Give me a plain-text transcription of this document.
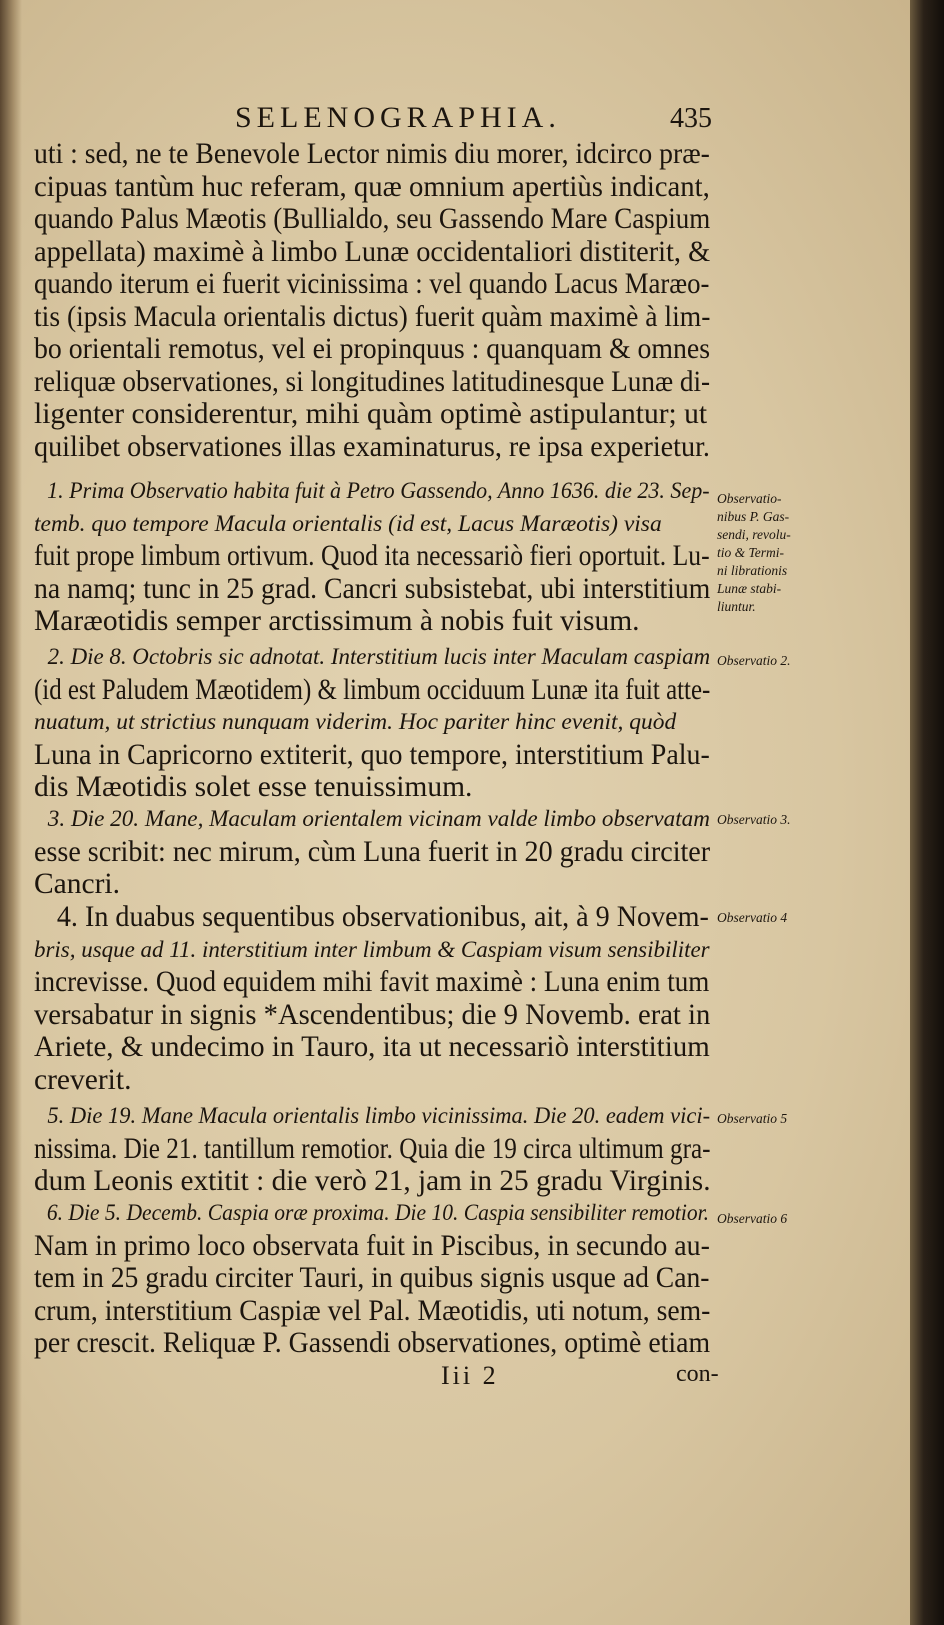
SELENOGRAPHIA.	435
uti : sed, ne te Benevole Lector nimis diu morer, idcirco præ-
cipuas tantùm huc referam, quæ omnium apertiùs indicant,
quando Palus Mæotis (Bullialdo, seu Gassendo Mare Caspium
appellata) maximè à limbo Lunæ occidentaliori distiterit, &
quando iterum ei fuerit vicinissima : vel quando Lacus Maræo-
tis (ipsis Macula orientalis dictus) fuerit quàm maximè à lim-
bo orientali remotus, vel ei propinquus : quanquam & omnes
reliquæ observationes, si longitudines latitudinesque Lunæ di-
ligenter considerentur, mihi quàm optimè astipulantur; ut
quilibet observationes illas examinaturus, re ipsa experietur.
1. Prima Observatio habita fuit à Petro Gassendo, Anno 1636. die 23. Sep-
temb. quo tempore Macula orientalis (id est, Lacus Maræotis) visa
fuit prope limbum ortivum. Quod ita necessariò fieri oportuit. Lu-
na namq; tunc in 25 grad. Cancri subsistebat, ubi interstitium
Maræotidis semper arctissimum à nobis fuit visum.
2. Die 8. Octobris sic adnotat. Interstitium lucis inter Maculam caspiam
(id est Paludem Mæotidem) & limbum occiduum Lunæ ita fuit atte-
nuatum, ut strictius nunquam viderim. Hoc pariter hinc evenit, quòd
Luna in Capricorno extiterit, quo tempore, interstitium Palu-
dis Mæotidis solet esse tenuissimum.
3. Die 20. Mane, Maculam orientalem vicinam valde limbo observatam
esse scribit: nec mirum, cùm Luna fuerit in 20 gradu circiter
Cancri.
4. In duabus sequentibus observationibus, ait, à 9 Novem-
bris, usque ad 11. interstitium inter limbum & Caspiam visum sensibiliter
increvisse. Quod equidem mihi favit maximè : Luna enim tum
versabatur in signis *Ascendentibus; die 9 Novemb. erat in
Ariete, & undecimo in Tauro, ita ut necessariò interstitium
creverit.
5. Die 19. Mane Macula orientalis limbo vicinissima. Die 20. eadem vici-
nissima. Die 21. tantillum remotior. Quia die 19 circa ultimum gra-
dum Leonis extitit : die verò 21, jam in 25 gradu Virginis.
6. Die 5. Decemb. Caspia oræ proxima. Die 10. Caspia sensibiliter remotior.
Nam in primo loco observata fuit in Piscibus, in secundo au-
tem in 25 gradu circiter Tauri, in quibus signis usque ad Can-
crum, interstitium Caspiæ vel Pal. Mæotidis, uti notum, sem-
per crescit. Reliquæ P. Gassendi observationes, optimè etiam
Observatio-
nibus P. Gas-
sendi, revolu-
tio & Termi-
ni librationis
Lunæ stabi-
liuntur.
Observatio 2.
Observatio 3.
Observatio 4
Observatio 5
Observatio 6
Iii 2	con-
